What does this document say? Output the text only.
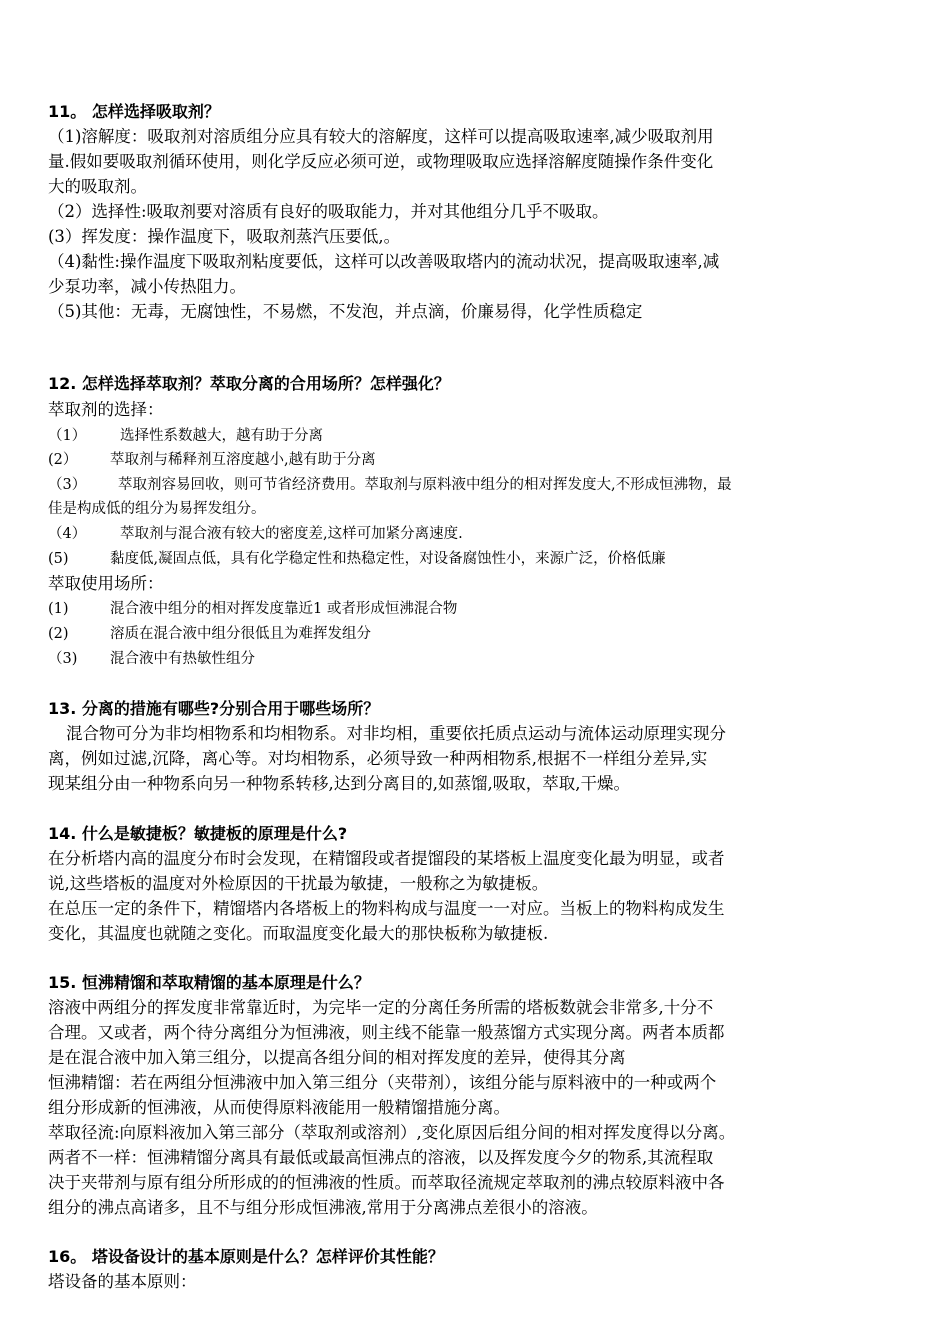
11。 怎样选择吸取剂？
（1)溶解度：吸取剂对溶质组分应具有较大的溶解度，这样可以提高吸取速率,减少吸取剂用
量.假如要吸取剂循环使用，则化学反应必须可逆，或物理吸取应选择溶解度随操作条件变化
大的吸取剂。
（2）选择性:吸取剂要对溶质有良好的吸取能力，并对其他组分几乎不吸取。
(3）挥发度：操作温度下，吸取剂蒸汽压要低,。
（4)黏性:操作温度下吸取剂粘度要低，这样可以改善吸取塔内的流动状况，提高吸取速率,减
少泵功率，减小传热阻力。
（5)其他：无毒，无腐蚀性，不易燃，不发泡，并点滴，价廉易得，化学性质稳定
12. 怎样选择萃取剂？萃取分离的合用场所？怎样强化？
萃取剂的选择：
（1） 选择性系数越大，越有助于分离
(2） 萃取剂与稀释剂互溶度越小,越有助于分离
（3） 萃取剂容易回收，则可节省经济费用。萃取剂与原料液中组分的相对挥发度大,不形成恒沸物，最
佳是构成低的组分为易挥发组分。
（4） 萃取剂与混合液有较大的密度差,这样可加紧分离速度.
(5)	黏度低,凝固点低，具有化学稳定性和热稳定性，对设备腐蚀性小，来源广泛，价格低廉
萃取使用场所：
(1)	混合液中组分的相对挥发度靠近1 或者形成恒沸混合物
(2)	溶质在混合液中组分很低且为难挥发组分
（3) 混合液中有热敏性组分
13. 分离的措施有哪些?分别合用于哪些场所？
混合物可分为非均相物系和均相物系。对非均相，重要依托质点运动与流体运动原理实现分
离，例如过滤,沉降，离心等。对均相物系，必须导致一种两相物系,根据不一样组分差异,实
现某组分由一种物系向另一种物系转移,达到分离目的,如蒸馏,吸取，萃取,干燥。
14. 什么是敏捷板？敏捷板的原理是什么?
在分析塔内高的温度分布时会发现，在精馏段或者提馏段的某塔板上温度变化最为明显，或者
说,这些塔板的温度对外检原因的干扰最为敏捷，一般称之为敏捷板。
在总压一定的条件下，精馏塔内各塔板上的物料构成与温度一一对应。当板上的物料构成发生
变化，其温度也就随之变化。而取温度变化最大的那快板称为敏捷板.
15. 恒沸精馏和萃取精馏的基本原理是什么？
溶液中两组分的挥发度非常靠近时，为完毕一定的分离任务所需的塔板数就会非常多,十分不
合理。又或者，两个待分离组分为恒沸液，则主线不能靠一般蒸馏方式实现分离。两者本质都
是在混合液中加入第三组分，以提高各组分间的相对挥发度的差异，使得其分离
恒沸精馏：若在两组分恒沸液中加入第三组分（夹带剂），该组分能与原料液中的一种或两个
组分形成新的恒沸液，从而使得原料液能用一般精馏措施分离。
萃取径流:向原料液加入第三部分（萃取剂或溶剂）,变化原因后组分间的相对挥发度得以分离。
两者不一样：恒沸精馏分离具有最低或最高恒沸点的溶液，以及挥发度今夕的物系,其流程取
决于夹带剂与原有组分所形成的的恒沸液的性质。而萃取径流规定萃取剂的沸点较原料液中各
组分的沸点高诸多，且不与组分形成恒沸液,常用于分离沸点差很小的溶液。
16。 塔设备设计的基本原则是什么？怎样评价其性能？
塔设备的基本原则：
